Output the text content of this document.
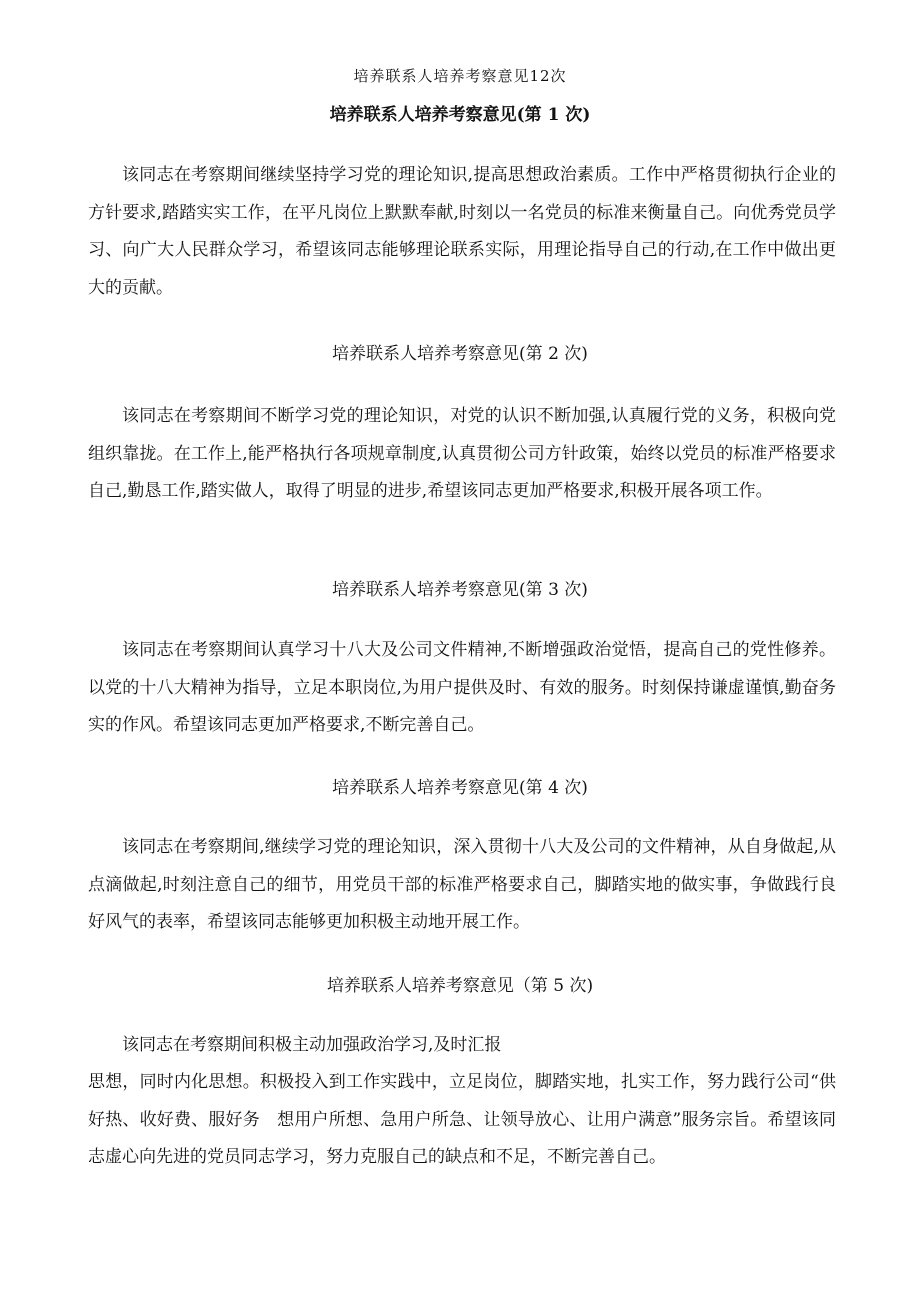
培养联系人培养考察意见12次
培养联系人培养考察意见(第 1 次)

该同志在考察期间继续坚持学习党的理论知识,提高思想政治素质。工作中严格贯彻执行企业的方针要求,踏踏实实工作，在平凡岗位上默默奉献,时刻以一名党员的标准来衡量自己。向优秀党员学习、向广大人民群众学习，希望该同志能够理论联系实际，用理论指导自己的行动,在工作中做出更大的贡献。

培养联系人培养考察意见(第 2 次)

该同志在考察期间不断学习党的理论知识，对党的认识不断加强,认真履行党的义务，积极向党组织靠拢。在工作上,能严格执行各项规章制度,认真贯彻公司方针政策，始终以党员的标准严格要求自己,勤恳工作,踏实做人，取得了明显的进步,希望该同志更加严格要求,积极开展各项工作。

培养联系人培养考察意见(第 3 次)

该同志在考察期间认真学习十八大及公司文件精神,不断增强政治觉悟，提高自己的党性修养。以党的十八大精神为指导，立足本职岗位,为用户提供及时、有效的服务。时刻保持谦虚谨慎,勤奋务实的作风。希望该同志更加严格要求,不断完善自己。

培养联系人培养考察意见(第 4 次)

该同志在考察期间,继续学习党的理论知识，深入贯彻十八大及公司的文件精神，从自身做起,从点滴做起,时刻注意自己的细节，用党员干部的标准严格要求自己，脚踏实地的做实事，争做践行良好风气的表率，希望该同志能够更加积极主动地开展工作。

培养联系人培养考察意见（第 5 次)

该同志在考察期间积极主动加强政治学习,及时汇报

思想，同时内化思想。积极投入到工作实践中，立足岗位，脚踏实地，扎实工作，努力践行公司“供好热、收好费、服好务　想用户所想、急用户所急、让领导放心、让用户满意”服务宗旨。希望该同志虚心向先进的党员同志学习，努力克服自己的缺点和不足，不断完善自己。
